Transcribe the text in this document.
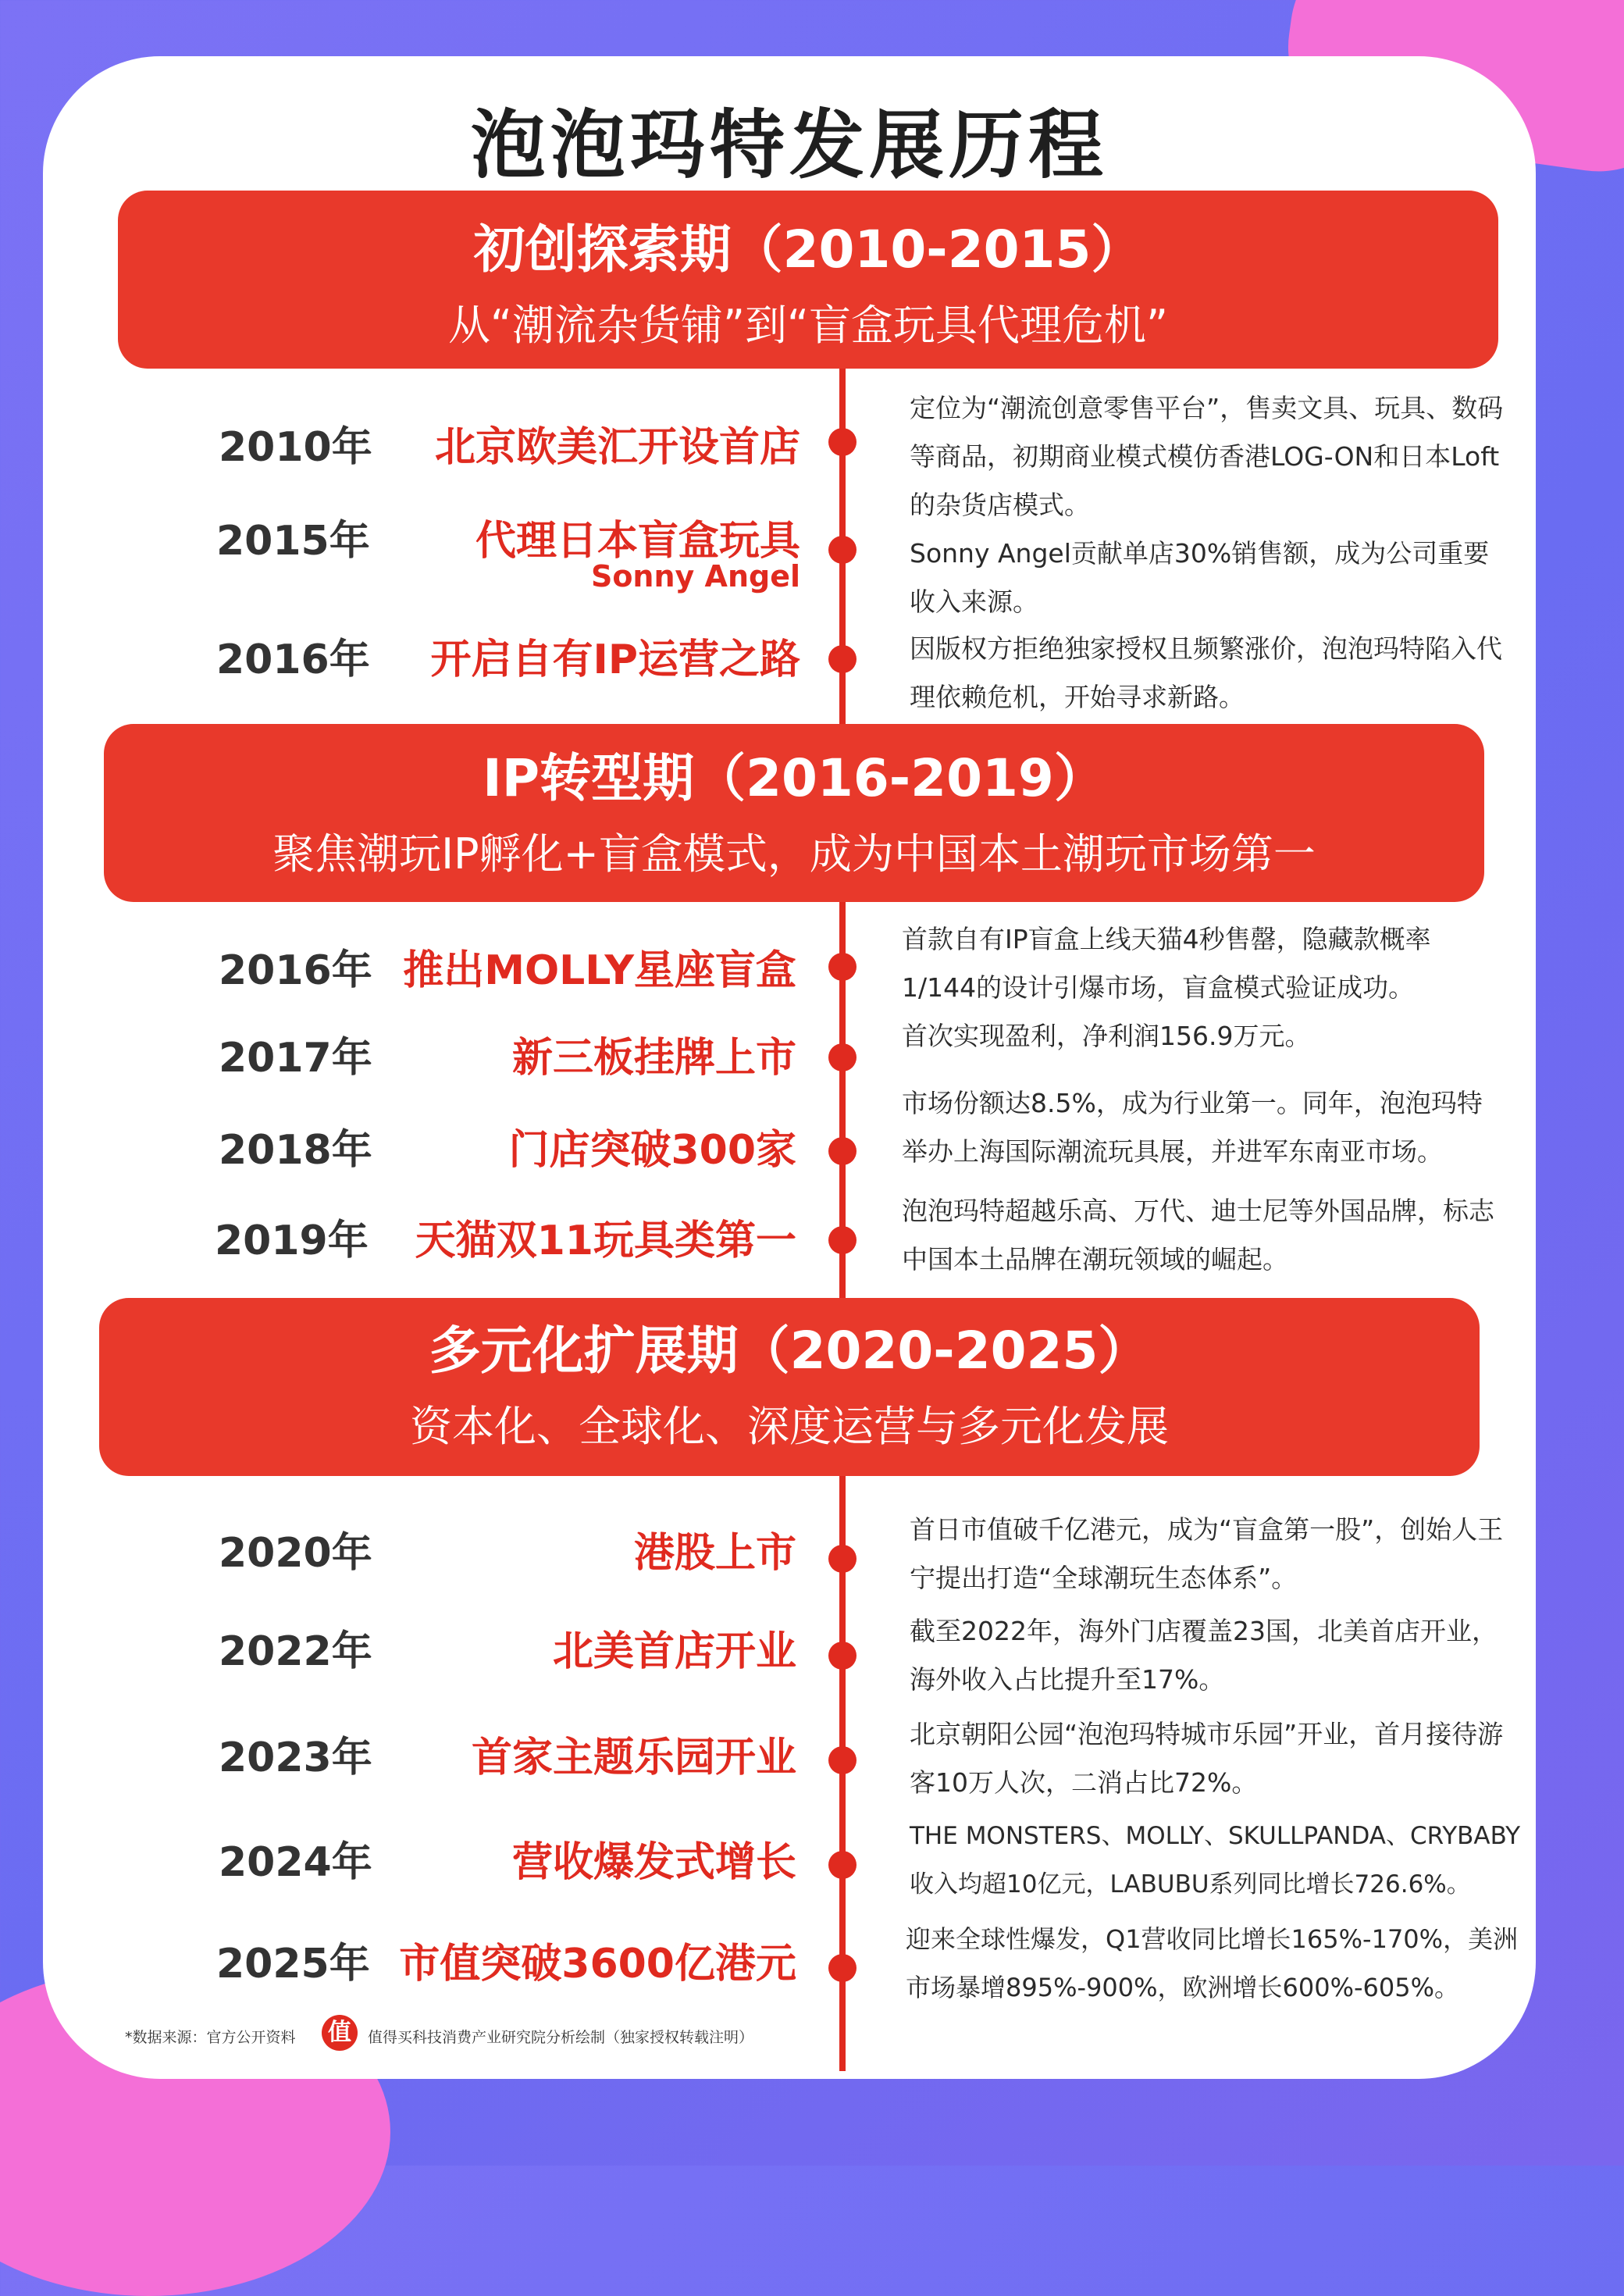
泡泡玛特发展历程
初创探索期（2010-2015）
从“潮流杂货铺”到“盲盒玩具代理危机”
2010年	北京欧美汇开设首店
定位为“潮流创意零售平台”，售卖文具、玩具、数码等商品，初期商业模式模仿香港LOG-ON和日本Loft的杂货店模式。
2015年	代理日本盲盒玩具
Sonny Angel
Sonny Angel贡献单店30%销售额，成为公司重要收入来源。
2016年	开启自有IP运营之路	因版权方拒绝独家授权且频繁涨价，泡泡玛特陷入代理依赖危机，开始寻求新路。
IP转型期（2016-2019）
聚焦潮玩IP孵化+盲盒模式，成为中国本土潮玩市场第一
2016年 推出MOLLY星座盲盒
首款自有IP盲盒上线天猫4秒售罄，隐藏款概率1/144的设计引爆市场，盲盒模式验证成功。
2017年	新三板挂牌上市	首次实现盈利，净利润156.9万元。
2018年	门店突破300家
市场份额达8.5%，成为行业第一。同年，泡泡玛特举办上海国际潮流玩具展，并进军东南亚市场。
2019年	天猫双11玩具类第一
泡泡玛特超越乐高、万代、迪士尼等外国品牌，标志中国本土品牌在潮玩领域的崛起。
多元化扩展期（2020-2025）
资本化、全球化、深度运营与多元化发展
2020年	港股上市
首日市值破千亿港元，成为“盲盒第一股”，创始人王宁提出打造“全球潮玩生态体系”。
2022年	北美首店开业	截至2022年，海外门店覆盖23国，北美首店开业，海外收入占比提升至17%。
2023年	首家主题乐园开业
北京朝阳公园“泡泡玛特城市乐园”开业，首月接待游客10万人次，二消占比72%。
2024年	营收爆发式增长
THE MONSTERS、MOLLY、SKULLPANDA、CRYBABY收入均超10亿元，LABUBU系列同比增长726.6%。
2025年 市值突破3600亿港元
迎来全球性爆发，Q1营收同比增长165%-170%，美洲市场暴增895%-900%，欧洲增长600%-605%。
*数据来源：官方公开资料 值	值得买科技消费产业研究院分析绘制（独家授权转载注明）
